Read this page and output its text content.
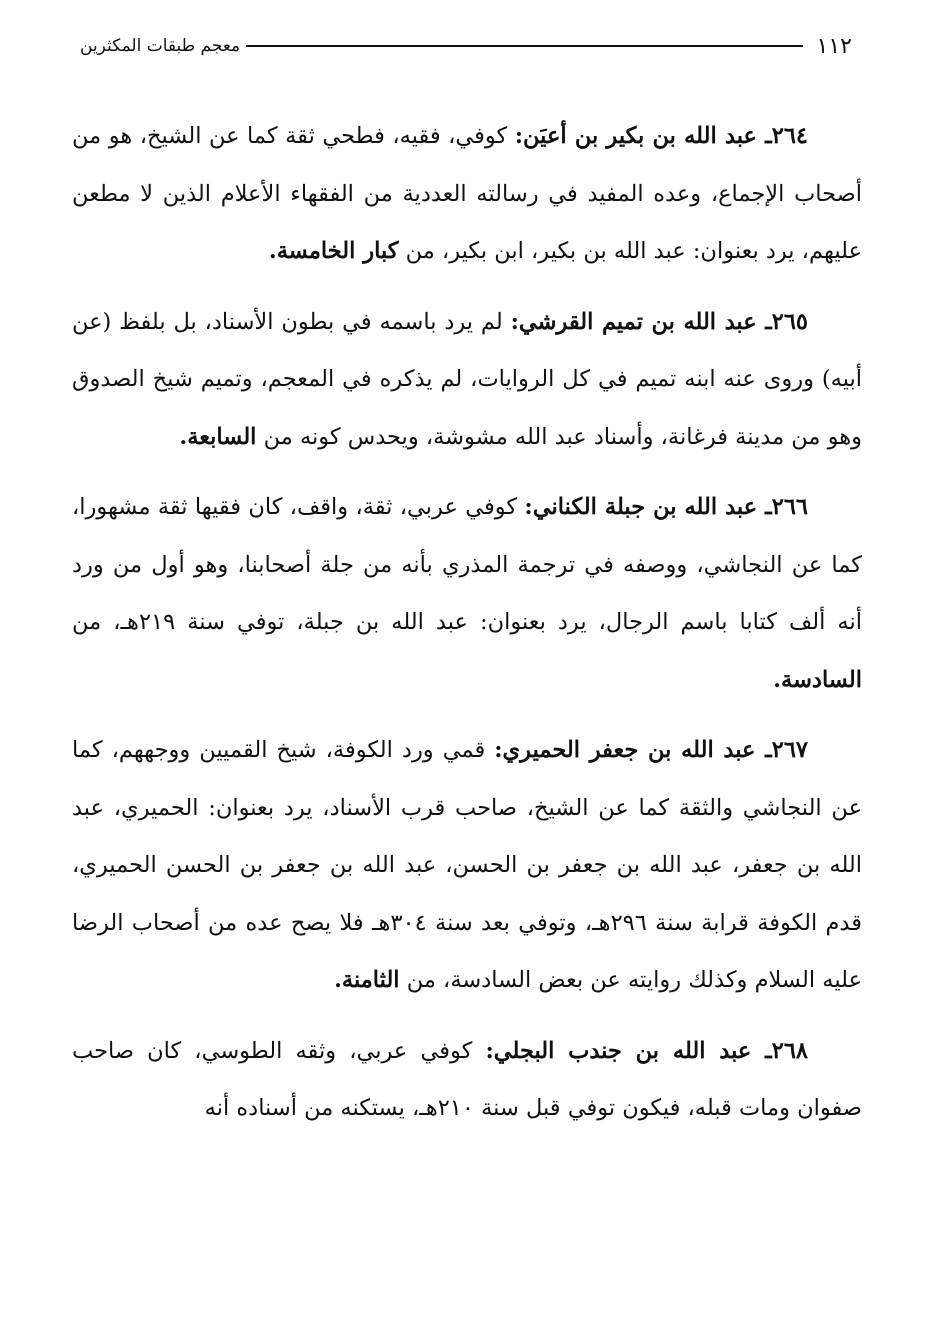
١١٢
معجم طبقات المكثرين

٢٦٤ـ عبد الله بن بكير بن أعيَن: كوفي، فقيه، فطحي ثقة كما عن الشيخ، هو من أصحاب الإجماع، وعده المفيد في رسالته العددية من الفقهاء الأعلام الذين لا مطعن عليهم، يرد بعنوان: عبد الله بن بكير، ابن بكير، من كبار الخامسة.

٢٦٥ـ عبد الله بن تميم القرشي: لم يرد باسمه في بطون الأسناد، بل بلفظ (عن أبيه) وروى عنه ابنه تميم في كل الروايات، لم يذكره في المعجم، وتميم شيخ الصدوق وهو من مدينة فرغانة، وأسناد عبد الله مشوشة، ويحدس كونه من السابعة.

٢٦٦ـ عبد الله بن جبلة الكناني: كوفي عربي، ثقة، واقف، كان فقيها ثقة مشهورا، كما عن النجاشي، ووصفه في ترجمة المذري بأنه من جلة أصحابنا، وهو أول من ورد أنه ألف كتابا باسم الرجال، يرد بعنوان: عبد الله بن جبلة، توفي سنة ٢١٩هـ، من السادسة.

٢٦٧ـ عبد الله بن جعفر الحميري: قمي ورد الكوفة، شيخ القميين ووجههم، كما عن النجاشي والثقة كما عن الشيخ، صاحب قرب الأسناد، يرد بعنوان: الحميري، عبد الله بن جعفر، عبد الله بن جعفر بن الحسن، عبد الله بن جعفر بن الحسن الحميري، قدم الكوفة قرابة سنة ٢٩٦هـ، وتوفي بعد سنة ٣٠٤هـ فلا يصح عده من أصحاب الرضا عليه السلام وكذلك روايته عن بعض السادسة، من الثامنة.

٢٦٨ـ عبد الله بن جندب البجلي: كوفي عربي، وثقه الطوسي، كان صاحب صفوان ومات قبله، فيكون توفي قبل سنة ٢١٠هـ، يستكنه من أسناده أنه
